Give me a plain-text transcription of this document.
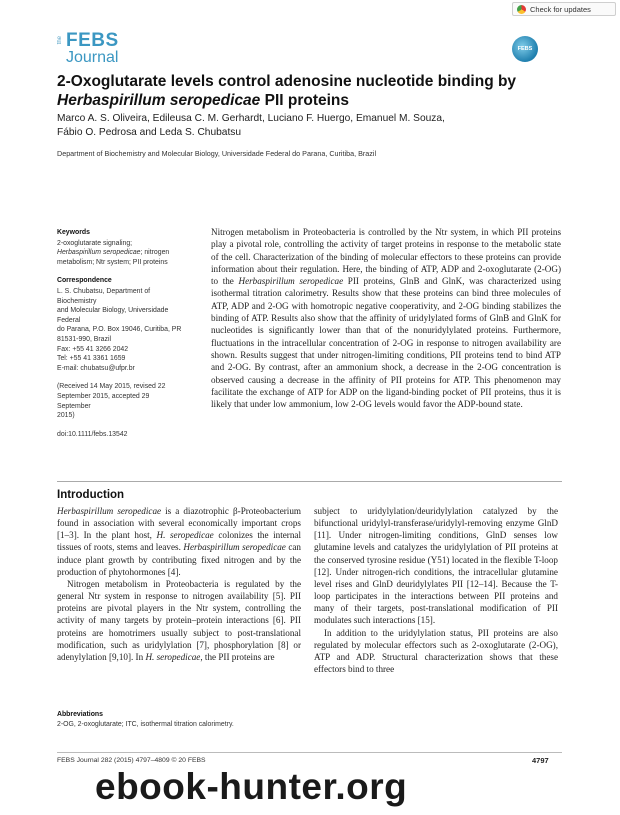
Check for updates
the FEBS
Journal	FEBS
2-Oxoglutarate levels control adenosine nucleotide binding by Herbaspirillum seropedicae PII proteins
Marco A. S. Oliveira, Edileusa C. M. Gerhardt, Luciano F. Huergo, Emanuel M. Souza,
Fábio O. Pedrosa and Leda S. Chubatsu
Department of Biochemistry and Molecular Biology, Universidade Federal do Parana, Curitiba, Brazil

Keywords

2-oxoglutarate signaling;

Herbaspirillum seropedicae; nitrogen

metabolism; Ntr system; PII proteins

Correspondence

L. S. Chubatsu, Department of Biochemistry

and Molecular Biology, Universidade Federal

do Parana, P.O. Box 19046, Curitiba, PR

81531-990, Brazil

Fax: +55 41 3266 2042

Tel: +55 41 3361 1659

E-mail: chubatsu@ufpr.br

(Received 14 May 2015, revised 22

September 2015, accepted 29 September

2015)

doi:10.1111/febs.13542

Nitrogen metabolism in Proteobacteria is controlled by the Ntr system, in which PII proteins play a pivotal role, controlling the activity of target proteins in response to the metabolic state of the cell. Characterization of the binding of molecular effectors to these proteins can provide information about their regulation. Here, the binding of ATP, ADP and 2-oxoglutarate (2-OG) to the Herbaspirillum seropedicae PII proteins, GlnB and GlnK, was characterized using isothermal titration calorimetry. Results show that these proteins can bind three molecules of ATP, ADP and 2-OG with homotropic negative cooperativity, and 2-OG binding stabilizes the binding of ATP. Results also show that the affinity of uridylylated forms of GlnB and GlnK for nucleotides is significantly lower than that of the nonuridylylated proteins. Furthermore, fluctuations in the intracellular concentration of 2-OG in response to nitrogen availability are shown. Results suggest that under nitrogen-limiting conditions, PII proteins tend to bind ATP and 2-OG. By contrast, after an ammonium shock, a decrease in the 2-OG concentration is observed causing a decrease in the affinity of PII proteins for ATP. This phenomenon may facilitate the exchange of ATP for ADP on the ligand-binding pocket of PII proteins, thus it is likely that under low ammonium, low 2-OG levels would favor the ADP-bound state.

Introduction

Herbaspirillum seropedicae is a diazotrophic β-Proteobacterium found in association with several economically important crops [1–3]. In the plant host, H. seropedicae colonizes the internal tissues of roots, stems and leaves. Herbaspirillum seropedicae can induce plant growth by contributing fixed nitrogen and by the production of phytohormones [4].

Nitrogen metabolism in Proteobacteria is regulated by the general Ntr system in response to nitrogen availability [5]. PII proteins are pivotal players in the Ntr system, controlling the activity of many targets by protein–protein interactions [6]. PII proteins are homotrimers usually subject to post-translational modification, such as uridylylation [7], phosphorylation [8] or adenylylation [9,10]. In H. seropedicae, the PII proteins are

subject to uridylylation/deuridylylation catalyzed by the bifunctional uridylyl-transferase/uridylyl-removing enzyme GlnD [11]. Under nitrogen-limiting conditions, GlnD senses low glutamine levels and catalyzes the uridylylation of PII proteins at the conserved tyrosine residue (Y51) located in the flexible T-loop [12]. Under nitrogen-rich conditions, the intracellular glutamine level rises and GlnD deuridylylates PII [12–14]. Because the T-loop participates in the interactions between PII proteins and many of their targets, post-translational modification of PII modulates such interactions [15].

In addition to the uridylylation status, PII proteins are also regulated by molecular effectors such as 2-oxoglutarate (2-OG), ATP and ADP. Structural characterization shows that these effectors bind to three

Abbreviations
2-OG, 2-oxoglutarate; ITC, isothermal titration calorimetry.
FEBS Journal 282 (2015) 4797–4809 © 20 FEBS	4797
ebook-hunter.org
